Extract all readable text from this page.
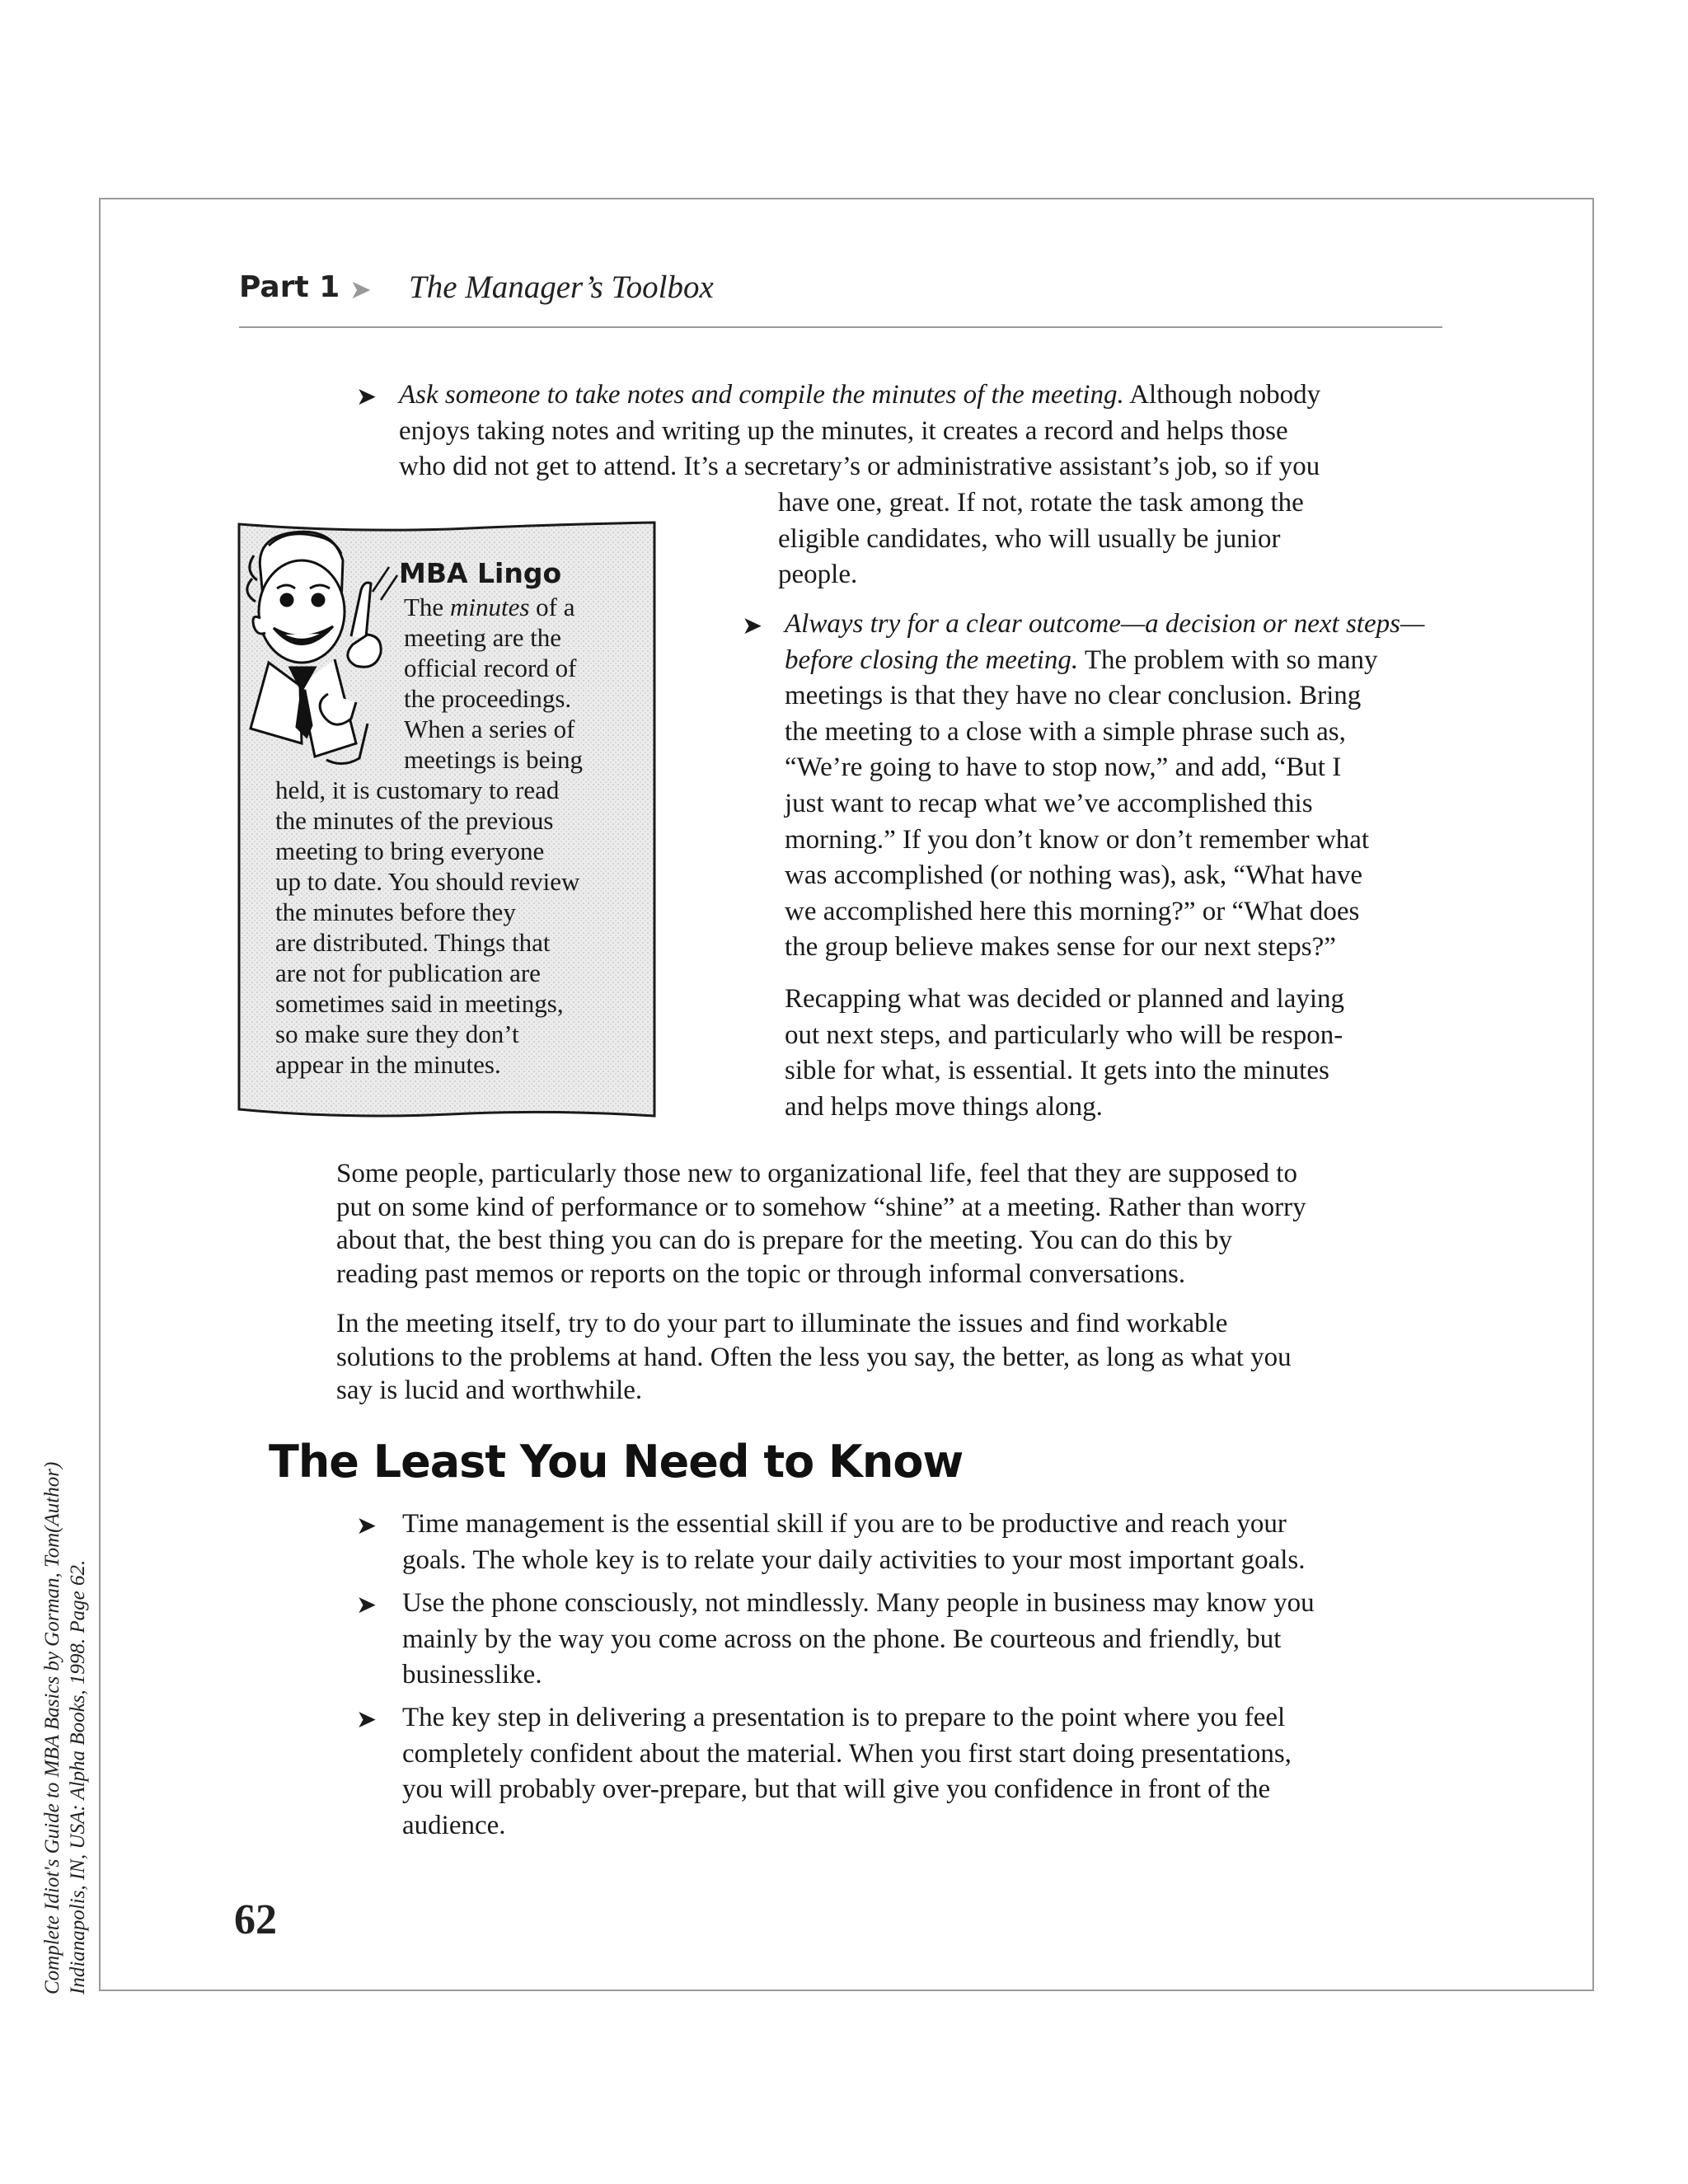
Complete Idiot's Guide to MBA Basics by Gorman, Tom(Author) Indianapolis, IN, USA: Alpha Books, 1998. Page 62.
Part 1 ➤ The Manager’s Toolbox
➤ Ask someone to take notes and compile the minutes of the meeting. Although nobody
enjoys taking notes and writing up the minutes, it creates a record and helps those
who did not get to attend. It’s a secretary’s or administrative assistant’s job, so if you
have one, great. If not, rotate the task among the
eligible candidates, who will usually be junior
people.
MBA Lingo
The minutes of a
meeting are the
official record of
the proceedings.
When a series of
meetings is being
held, it is customary to read
the minutes of the previous
meeting to bring everyone
up to date. You should review
the minutes before they
are distributed. Things that
are not for publication are
sometimes said in meetings,
so make sure they don’t
appear in the minutes.
➤ Always try for a clear outcome—a decision or next steps—
before closing the meeting. The problem with so many
meetings is that they have no clear conclusion. Bring
the meeting to a close with a simple phrase such as,
“We’re going to have to stop now,” and add, “But I
just want to recap what we’ve accomplished this
morning.” If you don’t know or don’t remember what
was accomplished (or nothing was), ask, “What have
we accomplished here this morning?” or “What does
the group believe makes sense for our next steps?”
Recapping what was decided or planned and laying
out next steps, and particularly who will be respon-
sible for what, is essential. It gets into the minutes
and helps move things along.
Some people, particularly those new to organizational life, feel that they are supposed to
put on some kind of performance or to somehow “shine” at a meeting. Rather than worry
about that, the best thing you can do is prepare for the meeting. You can do this by
reading past memos or reports on the topic or through informal conversations.
In the meeting itself, try to do your part to illuminate the issues and find workable
solutions to the problems at hand. Often the less you say, the better, as long as what you
say is lucid and worthwhile.
The Least You Need to Know
➤ Time management is the essential skill if you are to be productive and reach your
goals. The whole key is to relate your daily activities to your most important goals.
➤ Use the phone consciously, not mindlessly. Many people in business may know you
mainly by the way you come across on the phone. Be courteous and friendly, but
businesslike.
➤ The key step in delivering a presentation is to prepare to the point where you feel
completely confident about the material. When you first start doing presentations,
you will probably over-prepare, but that will give you confidence in front of the
audience.
62
